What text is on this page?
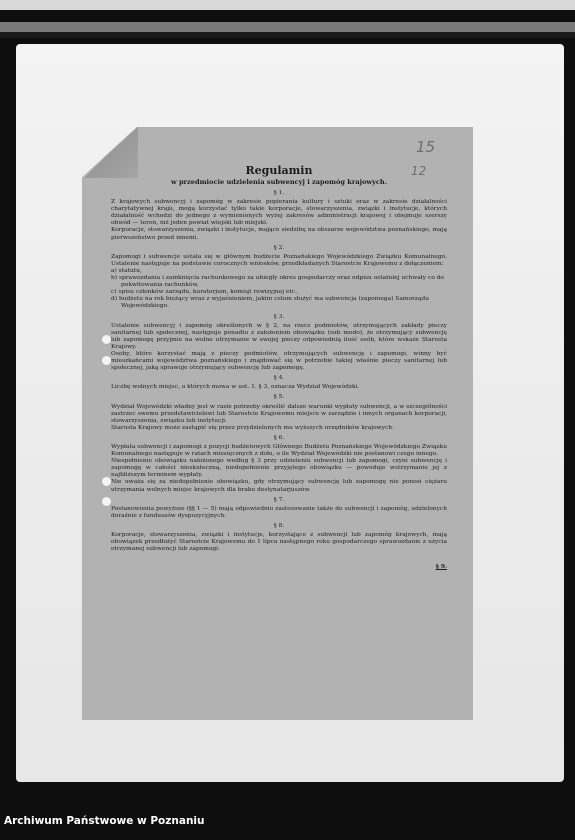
15
12
Regulamin
w przedmiocie udzielenia subwencyj i zapomóg krajowych.
§ 1.

Z krajowych subwencyj i zapomóg w zakresie popierania kultury i sztuki oraz w zakresie działalności charytatywnej kraju, mogą korzystać tylko takie korporacje, stowarzyszenia, związki i instytucje, których działalność wchodzi do jednego z wymienionych wyżej zakresów administracji krajowej i obejmuje szerszy obwód — teren, niż jeden powiat wiejski lub miejski.

Korporacje, stowarzyszenia, związki i instytucje, mające siedzibę na obszarze województwa poznańskiego, mają pierwszeństwo przed innemi.

§ 2.

Zapomogi i subwencje ustala się w głównym budżecie Poznańskiego Wojewódzkiego Związku Komunalnego. Ustalenie następuje na podstawie corocznych wniosków, przedkładanych Starostcie Krajowemu z dołączeniem:

a) statutu,

b) sprawozdania i zamknięcia rachunkowego za ubiegły okres gospodarczy oraz odpisu ostatniej uchwały co do pokwitowania rachunków,

c) spisu członków zarządu, kuratorjum, komisji rewizyjnej etc.,

d) budżetu na rok bieżący wraz z wyjaśnieniem, jakim celom służyć ma subwencja (zapomoga) Samorządu Wojewódzkiego.

§ 3.

Ustalenie subwencyj i zapomóg określonych w § 2, na rzecz podmiotów, utrzymujących zakłady pieczy sanitarnej lub społecznej, następuje ponadto z założeniem obowiązku (sub modo), że otrzymujący subwencję lub zapomogę przyjmie na wolne utrzymanie w swojej pieczy odpowiednią ilość osób, które wskaże Starosta Krajowy.

Osoby, które korzystać mają z pieczy podmiotów, otrzymujących subwencję i zapomogi, winny być mieszkańcami województwa poznańskiego i znajdować się w potrzebie takiej właśnie pieczy sanitarnej lub społecznej, jaką sprawuje otrzymujący subwencję lub zapomogę.

§ 4.

Liczbę wolnych miejsc, o których mowa w ust. 1. § 3, oznacza Wydział Wojewódzki.

§ 5.

Wydział Wojewódzki władny jest w razie potrzeby określić dalsze warunki wypłaty subwencji, a w szczególności zastrzec swemu przedstawicielowi lub Starostcie Krajowemu miejsce w zarządzie i innych organach korporacji, stowarzyszenia, związku lub instytucji.

Starosta Krajowy może zastąpić się przez przydzielonych mu wyższych urzędników krajowych.

§ 6.

Wypłata subwencji i zapomogi z pozycji budżetowych Głównego Budżetu Poznańskiego Wojewódzkiego Związku Komunalnego następuje w ratach miesięcznych z dołu, o ile Wydział Wojewódzki nie postanowi czego innego.

Niespełnienie obowiązku nałożonego według § 3 przy udzieleniu subwencji lub zapomogi, czyni subwencję i zapomogę w całości nieskuteczną, niedopełnienie przyjętego obowiązku — powoduje wstrzymanie jej z najbliższym terminem wypłaty.

Nie uważa się za niedopełnienie obowiązku, gdy otrzymujący subwencję lub zapomogę nie ponosi ciężaru utrzymania wolnych miejsc krajowych dla braku destynatarjuszów.

§ 7.

Postanowienia powyższe (§§ 1 — 5) mają odpowiednio zastosowanie także do subwencji i zapomóg, udzielonych doraźnie z funduszów dyspozycyjnych.

§ 8.

Korporacje, stowarzyszenia, związki i instytucje, korzystające z subwencji lub zapomóg krajowych, mają obowiązek przedłożyć Starostcie Krajowemu do 1 lipca następnego roku gospodarczego sprawozdanie z użycia otrzymanej subwencji lub zapomogi.

§ 9.
Archiwum Państwowe w Poznaniu
